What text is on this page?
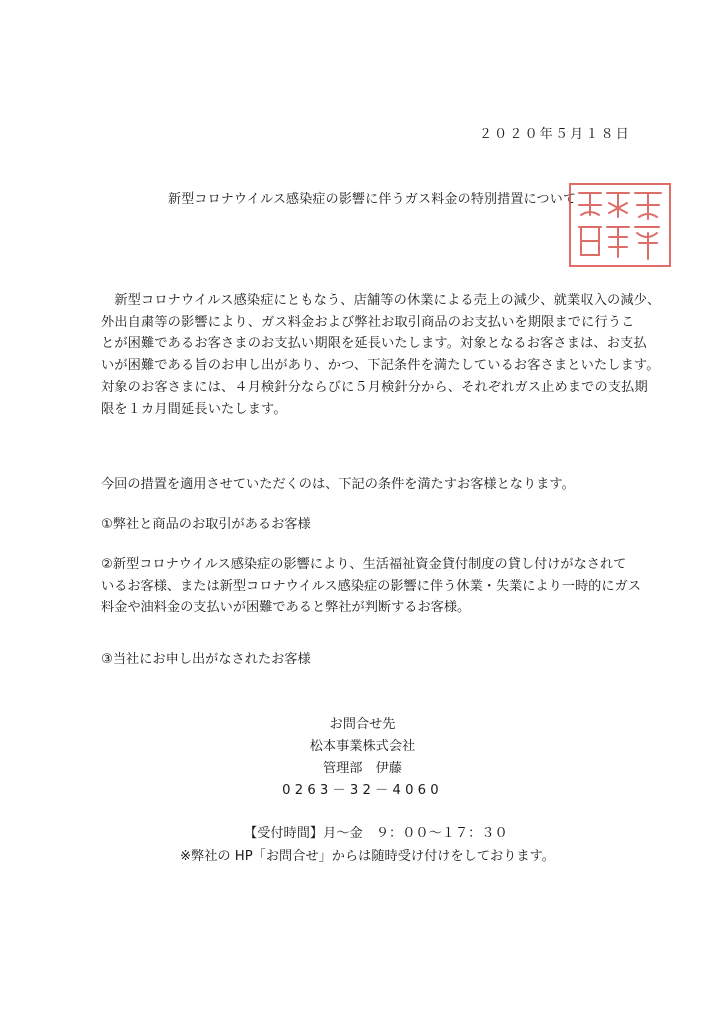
２０２０年５月１８日
新型コロナウイルス感染症の影響に伴うガス料金の特別措置について

　新型コロナウイルス感染症にともなう、店舗等の休業による売上の減少、就業収入の減少、

外出自粛等の影響により、ガス料金および弊社お取引商品のお支払いを期限までに行うこ

とが困難であるお客さまのお支払い期限を延長いたします。対象となるお客さまは、お支払

いが困難である旨のお申し出があり、かつ、下記条件を満たしているお客さまといたします。

対象のお客さまには、４月検針分ならびに５月検針分から、それぞれガス止めまでの支払期

限を１カ月間延長いたします。

今回の措置を適用させていただくのは、下記の条件を満たすお客様となります。

①弊社と商品のお取引があるお客様

②新型コロナウイルス感染症の影響により、生活福祉資金貸付制度の貸し付けがなされて

いるお客様、または新型コロナウイルス感染症の影響に伴う休業・失業により一時的にガス

料金や油料金の支払いが困難であると弊社が判断するお客様。

③当社にお申し出がなされたお客様

お問合せ先
松本事業株式会社
管理部　伊藤
0263－32－4060
【受付時間】月～金　９：００～１７：３０
※弊社の HP「お問合せ」からは随時受け付けをしております。
